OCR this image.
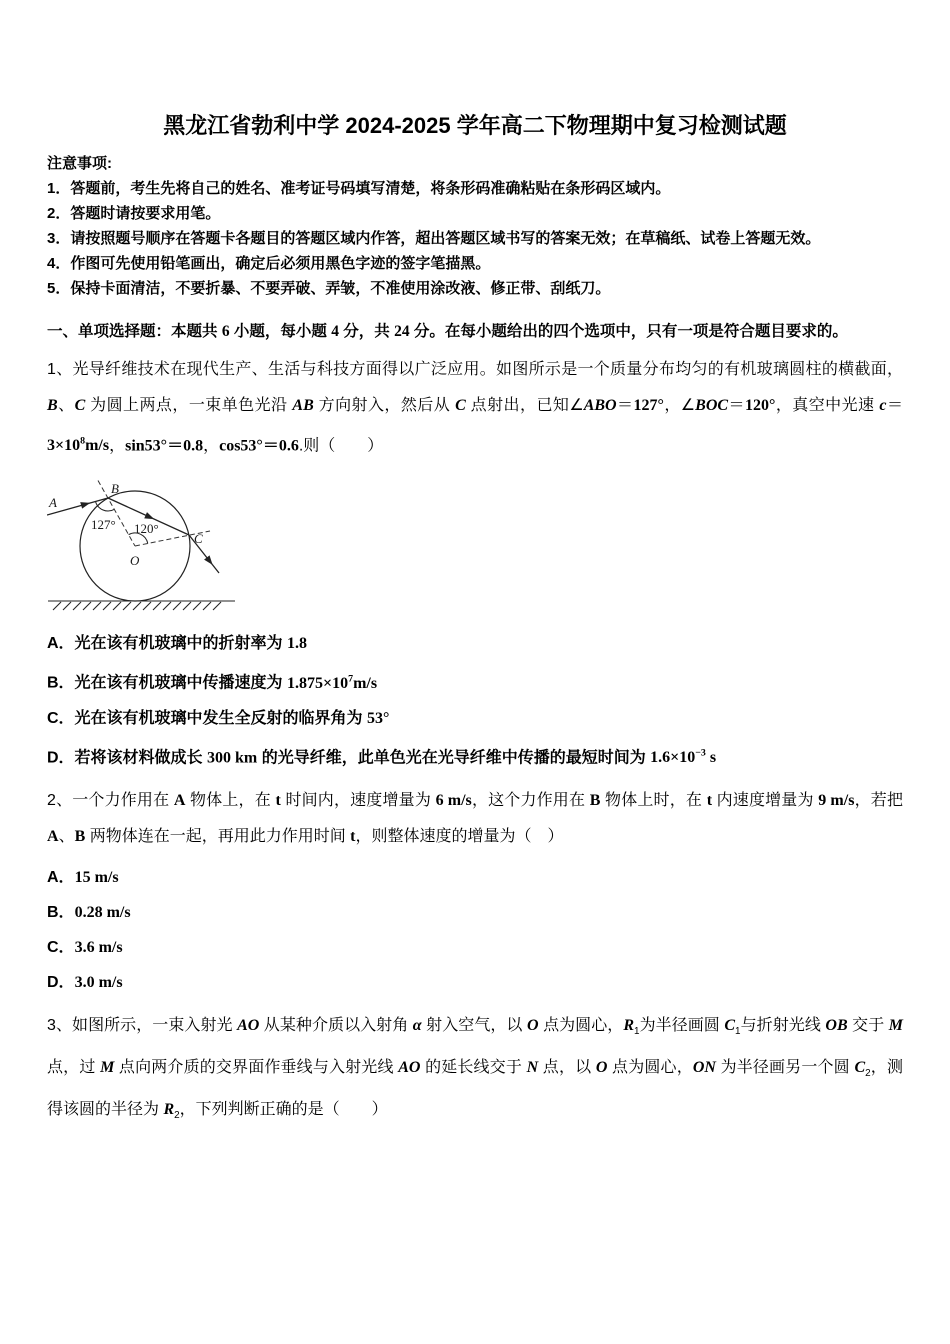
黑龙江省勃利中学 2024-2025 学年高二下物理期中复习检测试题
注意事项:
1．答题前，考生先将自己的姓名、准考证号码填写清楚，将条形码准确粘贴在条形码区域内。
2．答题时请按要求用笔。
3．请按照题号顺序在答题卡各题目的答题区域内作答，超出答题区域书写的答案无效；在草稿纸、试卷上答题无效。
4．作图可先使用铅笔画出，确定后必须用黑色字迹的签字笔描黑。
5．保持卡面清洁，不要折暴、不要弄破、弄皱，不准使用涂改液、修正带、刮纸刀。
一、单项选择题：本题共 6 小题，每小题 4 分，共 24 分。在每小题给出的四个选项中，只有一项是符合题目要求的。
1、光导纤维技术在现代生产、生活与科技方面得以广泛应用。如图所示是一个质量分布均匀的有机玻璃圆柱的横截面，B、C 为圆上两点，一束单色光沿 AB 方向射入，然后从 C 点射出，已知∠ABO＝127°，∠BOC＝120°，真空中光速 $c=3\times 10^8m/s$，sin53°＝0.8，cos53°＝0.6.则（　　）
A
B
C
O
127° 120°
A．光在该有机玻璃中的折射率为 1.8
B．光在该有机玻璃中传播速度为 $1.875\times 10^7m/s$
C．光在该有机玻璃中发生全反射的临界角为 53°
D．若将该材料做成长 300 km 的光导纤维，此单色光在光导纤维中传播的最短时间为 $1.6\times 10^{-3}$ s
2、一个力作用在 A 物体上，在 t 时间内，速度增量为 6 m/s，这个力作用在 B 物体上时，在 t 内速度增量为 9 m/s，若把 A、B 两物体连在一起，再用此力作用时间 t，则整体速度的增量为（　）
A．15 m/s
B．0.28 m/s
C．3.6 m/s
D．3.0 m/s
3、如图所示，一束入射光 AO 从某种介质以入射角 α 射入空气，以 O 点为圆心，$R_1$为半径画圆 $C_1$与折射光线 OB 交于 M 点，过 M 点向两介质的交界面作垂线与入射光线 AO 的延长线交于 N 点，以 O 点为圆心，ON 为半径画另一个圆 $C_2$，测得该圆的半径为 $R_2$，下列判断正确的是（　　）
